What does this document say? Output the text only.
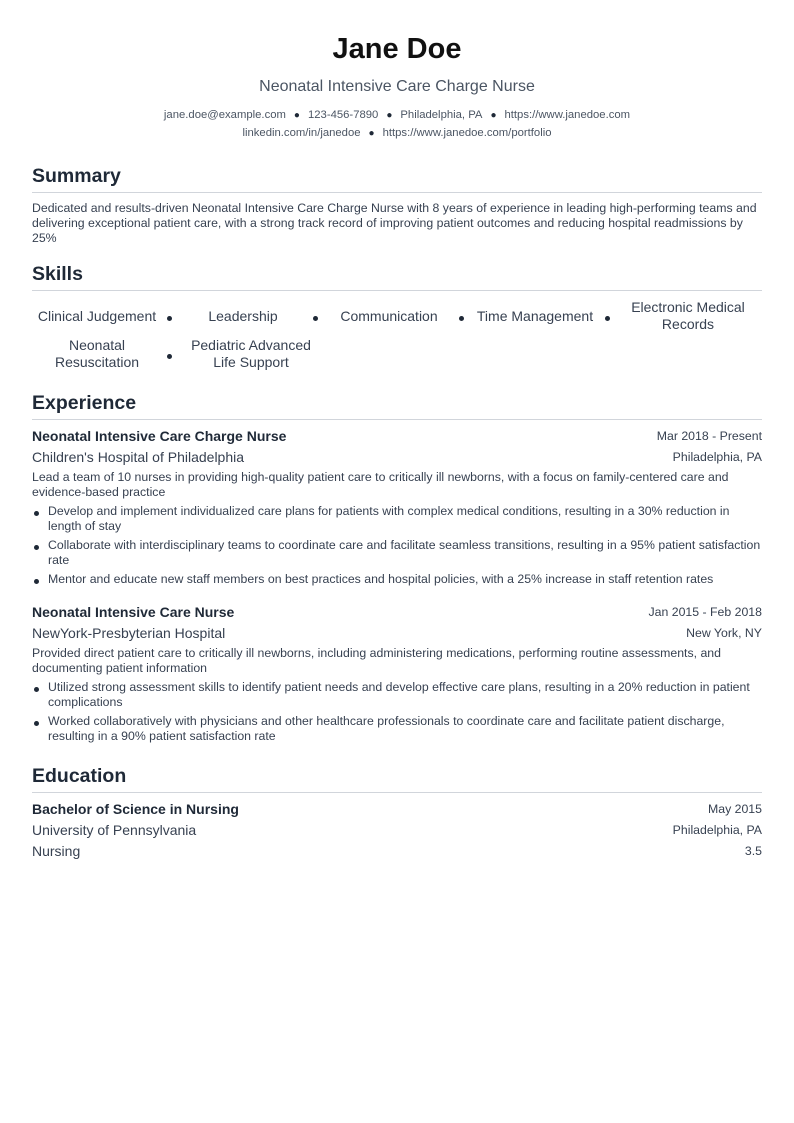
Jane Doe
Neonatal Intensive Care Charge Nurse
jane.doe@example.com ● 123-456-7890 ● Philadelphia, PA ● https://www.janedoe.com
linkedin.com/in/janedoe ● https://www.janedoe.com/portfolio
Summary
Dedicated and results-driven Neonatal Intensive Care Charge Nurse with 8 years of experience in leading high-performing teams and delivering exceptional patient care, with a strong track record of improving patient outcomes and reducing hospital readmissions by 25%
Skills
Clinical Judgement	Leadership	Communication	Time Management
Electronic Medical Records
Neonatal Resuscitation
Pediatric Advanced Life Support
Experience
Neonatal Intensive Care Charge Nurse	Mar 2018 - Present
Children's Hospital of Philadelphia	Philadelphia, PA
Lead a team of 10 nurses in providing high-quality patient care to critically ill newborns, with a focus on family-centered care and evidence-based practice
Develop and implement individualized care plans for patients with complex medical conditions, resulting in a 30% reduction in length of stay
Collaborate with interdisciplinary teams to coordinate care and facilitate seamless transitions, resulting in a 95% patient satisfaction rate
Mentor and educate new staff members on best practices and hospital policies, with a 25% increase in staff retention rates
Neonatal Intensive Care Nurse	Jan 2015 - Feb 2018
NewYork-Presbyterian Hospital	New York, NY
Provided direct patient care to critically ill newborns, including administering medications, performing routine assessments, and documenting patient information
Utilized strong assessment skills to identify patient needs and develop effective care plans, resulting in a 20% reduction in patient complications
Worked collaboratively with physicians and other healthcare professionals to coordinate care and facilitate patient discharge, resulting in a 90% patient satisfaction rate
Education
Bachelor of Science in Nursing	May 2015
University of Pennsylvania	Philadelphia, PA
Nursing	3.5
